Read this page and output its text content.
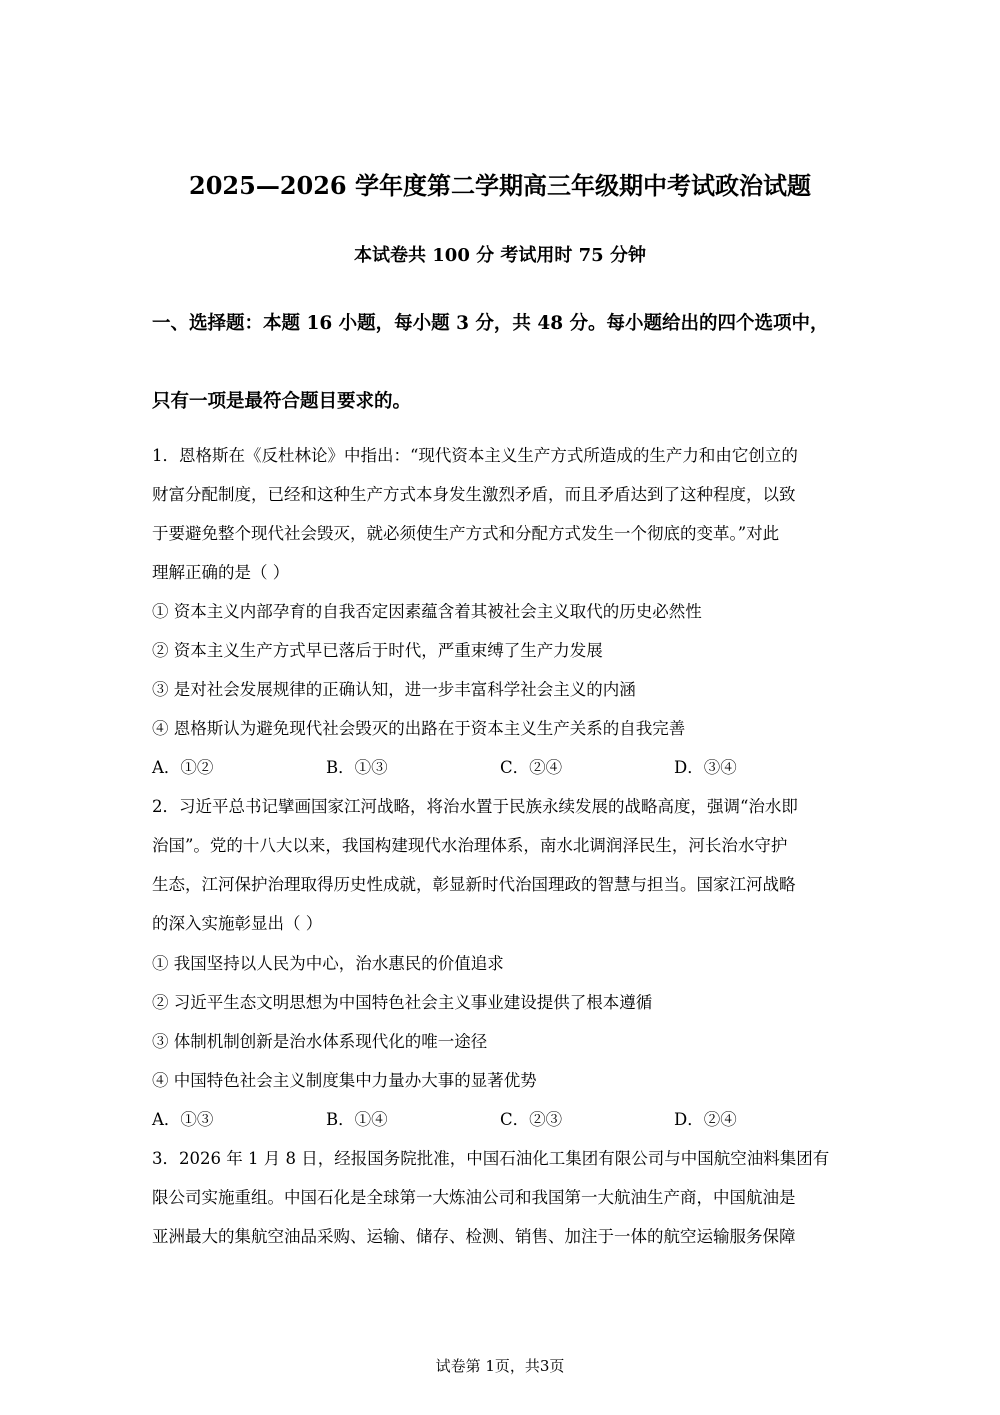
2025—2026 学年度第二学期高三年级期中考试政治试题
本试卷共 100 分 考试用时 75 分钟
一、选择题：本题 16 小题，每小题 3 分，共 48 分。每小题给出的四个选项中，
只有一项是最符合题目要求的。
1．恩格斯在《反杜林论》中指出：“现代资本主义生产方式所造成的生产力和由它创立的
财富分配制度，已经和这种生产方式本身发生激烈矛盾，而且矛盾达到了这种程度，以致
于要避免整个现代社会毁灭，就必须使生产方式和分配方式发生一个彻底的变革。”对此
理解正确的是（ ）
① 资本主义内部孕育的自我否定因素蕴含着其被社会主义取代的历史必然性
② 资本主义生产方式早已落后于时代，严重束缚了生产力发展
③ 是对社会发展规律的正确认知，进一步丰富科学社会主义的内涵
④ 恩格斯认为避免现代社会毁灭的出路在于资本主义生产关系的自我完善
A．①②	B．①③	C．②④	D．③④
2．习近平总书记擘画国家江河战略，将治水置于民族永续发展的战略高度，强调“治水即
治国”。党的十八大以来，我国构建现代水治理体系，南水北调润泽民生，河长治水守护
生态，江河保护治理取得历史性成就，彰显新时代治国理政的智慧与担当。国家江河战略
的深入实施彰显出（ ）
① 我国坚持以人民为中心，治水惠民的价值追求
② 习近平生态文明思想为中国特色社会主义事业建设提供了根本遵循
③ 体制机制创新是治水体系现代化的唯一途径
④ 中国特色社会主义制度集中力量办大事的显著优势
A．①③	B．①④	C．②③	D．②④
3．2026 年 1 月 8 日，经报国务院批准，中国石油化工集团有限公司与中国航空油料集团有
限公司实施重组。中国石化是全球第一大炼油公司和我国第一大航油生产商，中国航油是
亚洲最大的集航空油品采购、运输、储存、检测、销售、加注于一体的航空运输服务保障
试卷第 1页，共3页
